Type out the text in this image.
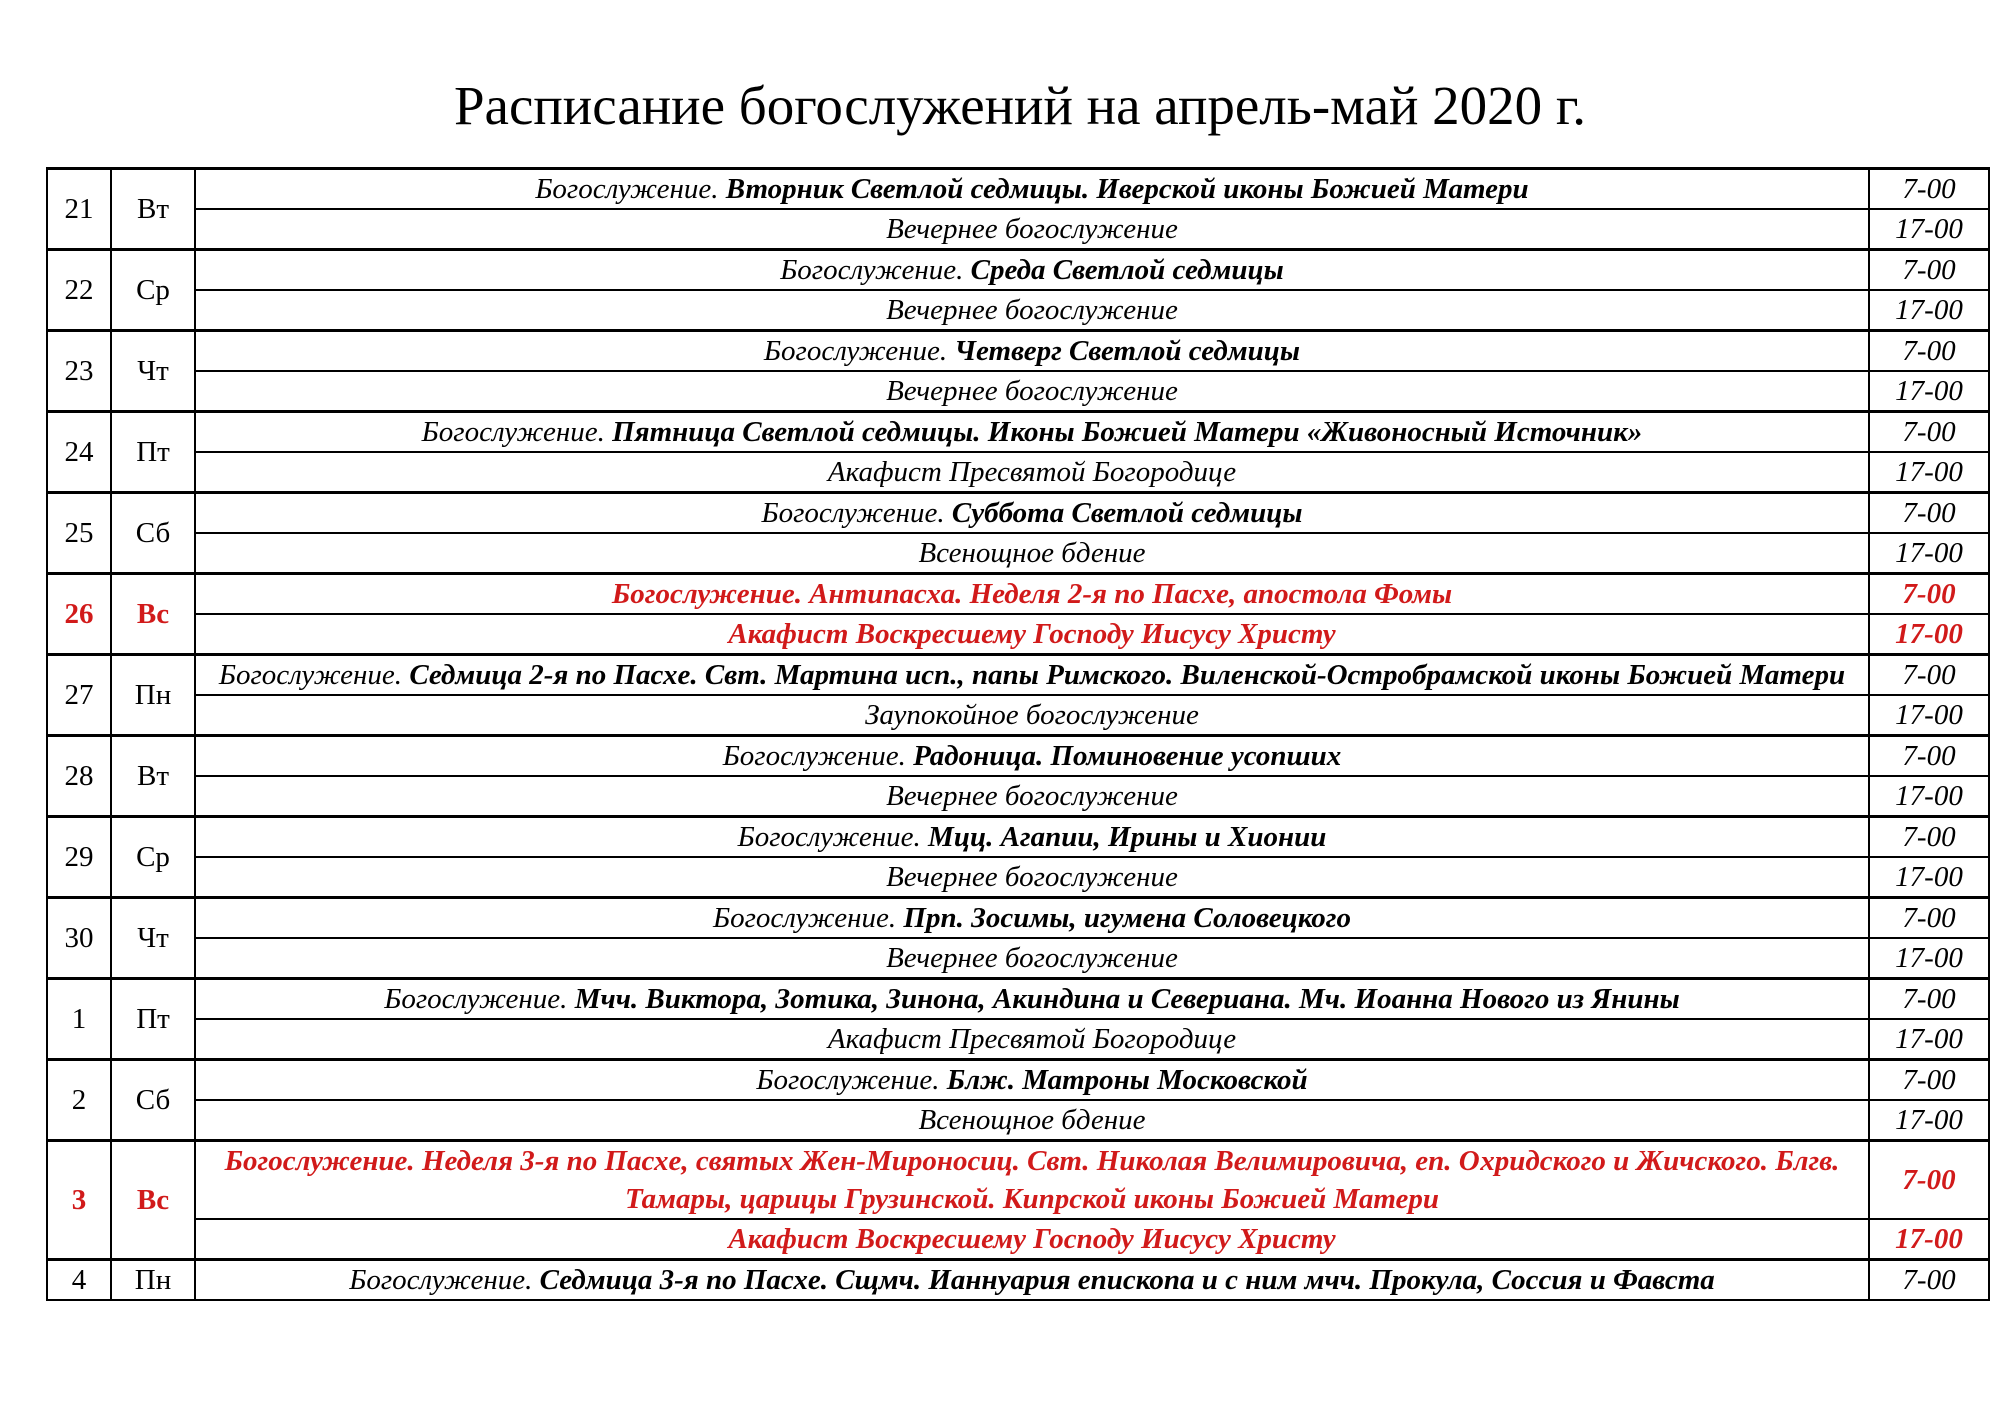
Расписание богослужений на апрель-май 2020 г.
21	Вт	Богослужение. Вторник Светлой седмицы. Иверской иконы Божией Матери	7-00
		Вечернее богослужение	17-00
22	Ср	Богослужение. Среда Светлой седмицы	7-00
		Вечернее богослужение	17-00
23	Чт	Богослужение. Четверг Светлой седмицы	7-00
		Вечернее богослужение	17-00
24	Пт	Богослужение. Пятница Светлой седмицы. Иконы Божией Матери «Живоносный Источник»	7-00
		Акафист Пресвятой Богородице	17-00
25	Сб	Богослужение. Суббота Светлой седмицы	7-00
		Всенощное бдение	17-00
26	Вс	Богослужение. Антипасха. Неделя 2-я по Пасхе, апостола Фомы	7-00
		Акафист Воскресшему Господу Иисусу Христу	17-00
27	Пн	Богослужение. Седмица 2-я по Пасхе. Свт. Мартина исп., папы Римского. Виленской-Остробрамской иконы Божией Матери	7-00
		Заупокойное богослужение	17-00
28	Вт	Богослужение. Радоница. Поминовение усопших	7-00
		Вечернее богослужение	17-00
29	Ср	Богослужение. Мцц. Агапии, Ирины и Хионии	7-00
		Вечернее богослужение	17-00
30	Чт	Богослужение. Прп. Зосимы, игумена Соловецкого	7-00
		Вечернее богослужение	17-00
1	Пт	Богослужение. Мчч. Виктора, Зотика, Зинона, Акиндина и Севериана. Мч. Иоанна Нового из Янины	7-00
		Акафист Пресвятой Богородице	17-00
2	Сб	Богослужение. Блж. Матроны Московской	7-00
		Всенощное бдение	17-00
3	Вс	Богослужение. Неделя 3-я по Пасхе, святых Жен-Мироносиц. Свт. Николая Велимировича, еп. Охридского и Жичского. Блгв. Тамары, царицы Грузинской. Кипрской иконы Божией Матери	7-00
		Акафист Воскресшему Господу Иисусу Христу	17-00
4	Пн	Богослужение. Седмица 3-я по Пасхе. Сщмч. Ианнуария епископа и с ним мчч. Прокула, Соссия и Фавста	7-00
